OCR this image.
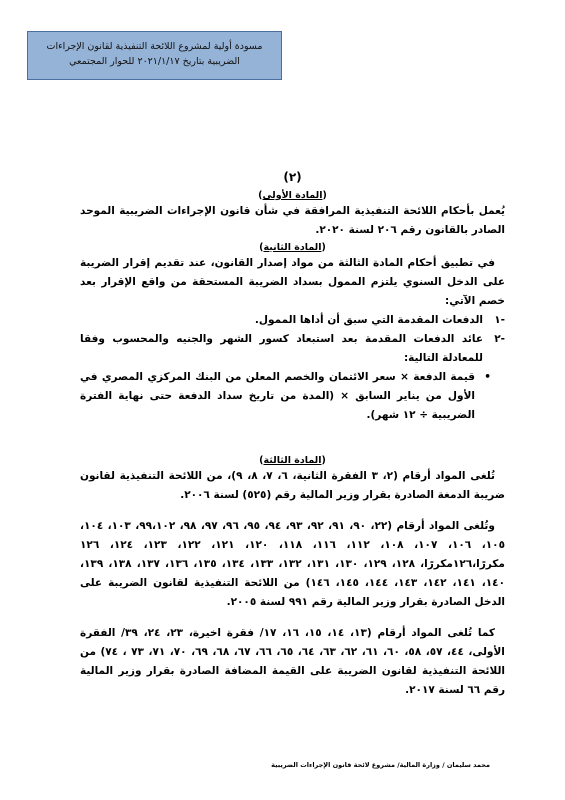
مسودة أولية لمشروع اللائحة التنفيذية لقانون الإجراءات
الضريبية بتاريخ ٢٠٢١/١/١٧ للحوار المجتمعي
(٢)
(المادة الأولى)

يُعمل بأحكام اللائحة التنفيذية المرافقة في شأن قانون الإجراءات الضريبية الموحد الصادر بالقانون رقم ٢٠٦ لسنة ٢٠٢٠.

(المادة الثانية)

في تطبيق أحكام المادة الثالثة من مواد إصدار القانون، عند تقديم إقرار الضريبة على الدخل السنوي يلتزم الممول بسداد الضريبة المستحقة من واقع الإقرار بعد خصم الآتي:

-١
الدفعات المقدمة التي سبق أن أداها الممول.
-٢
عائد الدفعات المقدمة بعد استبعاد كسور الشهر والجنيه والمحسوب وفقا للمعادلة التالية:
•
قيمة الدفعة × سعر الائتمان والخصم المعلن من البنك المركزي المصري في الأول من يناير السابق × (المدة من تاريخ سداد الدفعة حتى نهاية الفترة الضريبية ÷ ١٢ شهر).
(المادة الثالثة)

تُلغى المواد أرقام (٢، ٣ الفقرة الثانية، ٦، ٧، ٨، ٩)، من اللائحة التنفيذية لقانون ضريبة الدمغة الصادرة بقرار وزير المالية رقم (٥٢٥) لسنة ٢٠٠٦.

وتُلغى المواد أرقام (٢٢، ٩٠، ٩١، ٩٢، ٩٣، ٩٤، ٩٥، ٩٦، ٩٧، ٩٨، ٩٩،١٠٢، ١٠٣، ١٠٤، ١٠٥، ١٠٦، ١٠٧، ١٠٨، ١١٢، ١١٦، ١١٨، ١٢٠، ١٢١، ١٢٢، ١٢٣، ١٢٤، ١٢٦ مكررًا،١٢٦مكررًا، ١٢٨، ١٢٩، ١٣٠، ١٣١، ١٣٢، ١٣٣، ١٣٤، ١٣٥، ١٣٦، ١٣٧، ١٣٨، ١٣٩، ١٤٠، ١٤١، ١٤٢، ١٤٣، ١٤٤، ١٤٥، ١٤٦) من اللائحة التنفيذية لقانون الضريبة على الدخل الصادرة بقرار وزير المالية رقم ٩٩١ لسنة ٢٠٠٥.

كما تُلغى المواد أرقام (١٣، ١٤، ١٥، ١٦، ١٧/ فقرة اخيرة، ٢٣، ٢٤، ٣٩/ الفقرة الأولى، ٤٤، ٥٧، ٥٨، ٦٠، ٦١، ٦٢، ٦٣، ٦٤، ٦٥، ٦٦، ٦٧، ٦٨، ٦٩، ٧٠، ٧١، ٧٣ ، ٧٤) من اللائحة التنفيذية لقانون الضريبة على القيمة المضافة الصادرة بقرار وزير المالية رقم ٦٦ لسنة ٢٠١٧.

محمد سليمان / وزارة المالية/ مشروع لائحة قانون الإجراءات الضريبية
